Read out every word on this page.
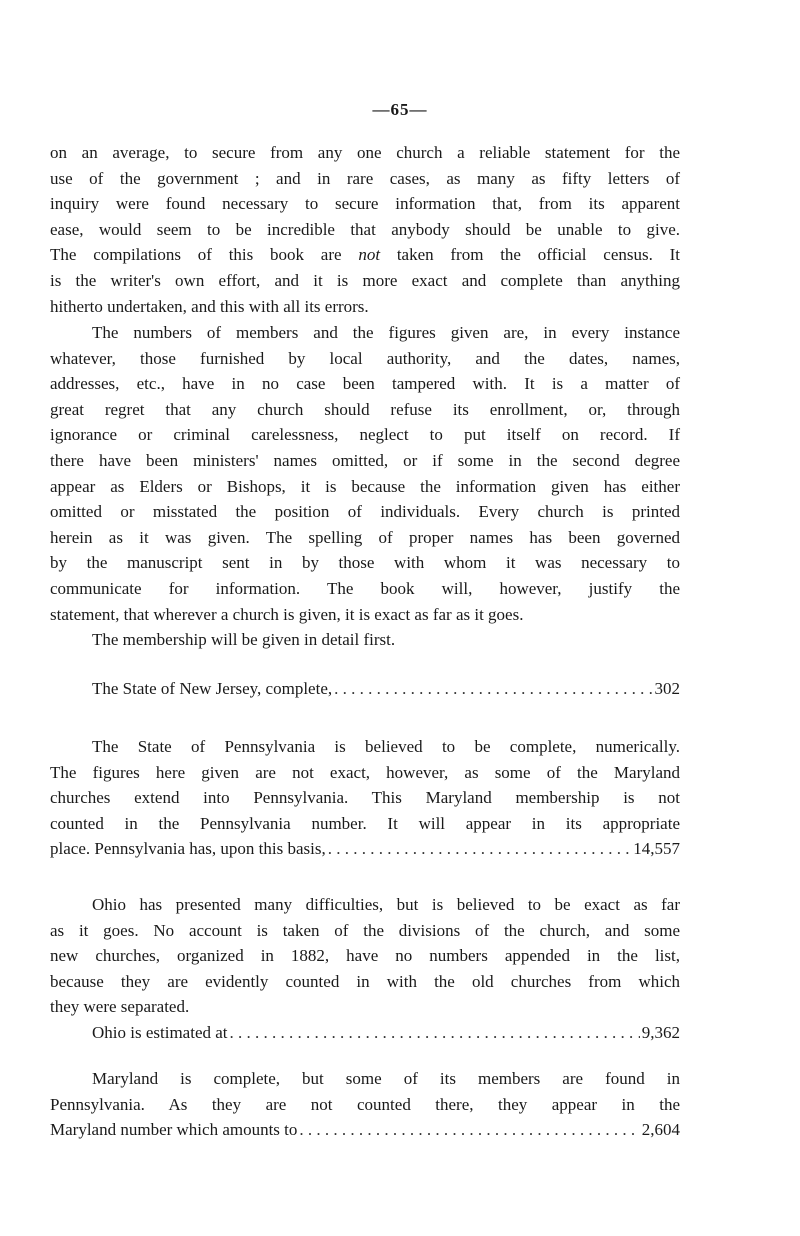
—65—
on an average, to secure from any one church a reliable statement for the
use of the government ; and in rare cases, as many as fifty letters of
inquiry were found necessary to secure information that, from its apparent
ease, would seem to be incredible that anybody should be unable to give.
The compilations of this book are not taken from the official census. It
is the writer's own effort, and it is more exact and complete than anything
hitherto undertaken, and this with all its errors.
The numbers of members and the figures given are, in every instance
whatever, those furnished by local authority, and the dates, names,
addresses, etc., have in no case been tampered with. It is a matter of
great regret that any church should refuse its enrollment, or, through
ignorance or criminal carelessness, neglect to put itself on record. If
there have been ministers' names omitted, or if some in the second degree
appear as Elders or Bishops, it is because the information given has either
omitted or misstated the position of individuals. Every church is printed
herein as it was given. The spelling of proper names has been governed
by the manuscript sent in by those with whom it was necessary to
communicate for information. The book will, however, justify the
statement, that wherever a church is given, it is exact as far as it goes.
The membership will be given in detail first.
The State of New Jersey, complete, . . .	302
The State of Pennsylvania is believed to be complete, numerically.
The figures here given are not exact, however, as some of the Maryland
churches extend into Pennsylvania. This Maryland membership is not
counted in the Pennsylvania number. It will appear in its appropriate
place. Pennsylvania has, upon this basis, . . .	14,557
Ohio has presented many difficulties, but is believed to be exact as far
as it goes. No account is taken of the divisions of the church, and some
new churches, organized in 1882, have no numbers appended in the list,
because they are evidently counted in with the old churches from which
they were separated.
Ohio is estimated at . . .	9,362
Maryland is complete, but some of its members are found in
Pennsylvania. As they are not counted there, they appear in the
Maryland number which amounts to . . .	2,604
